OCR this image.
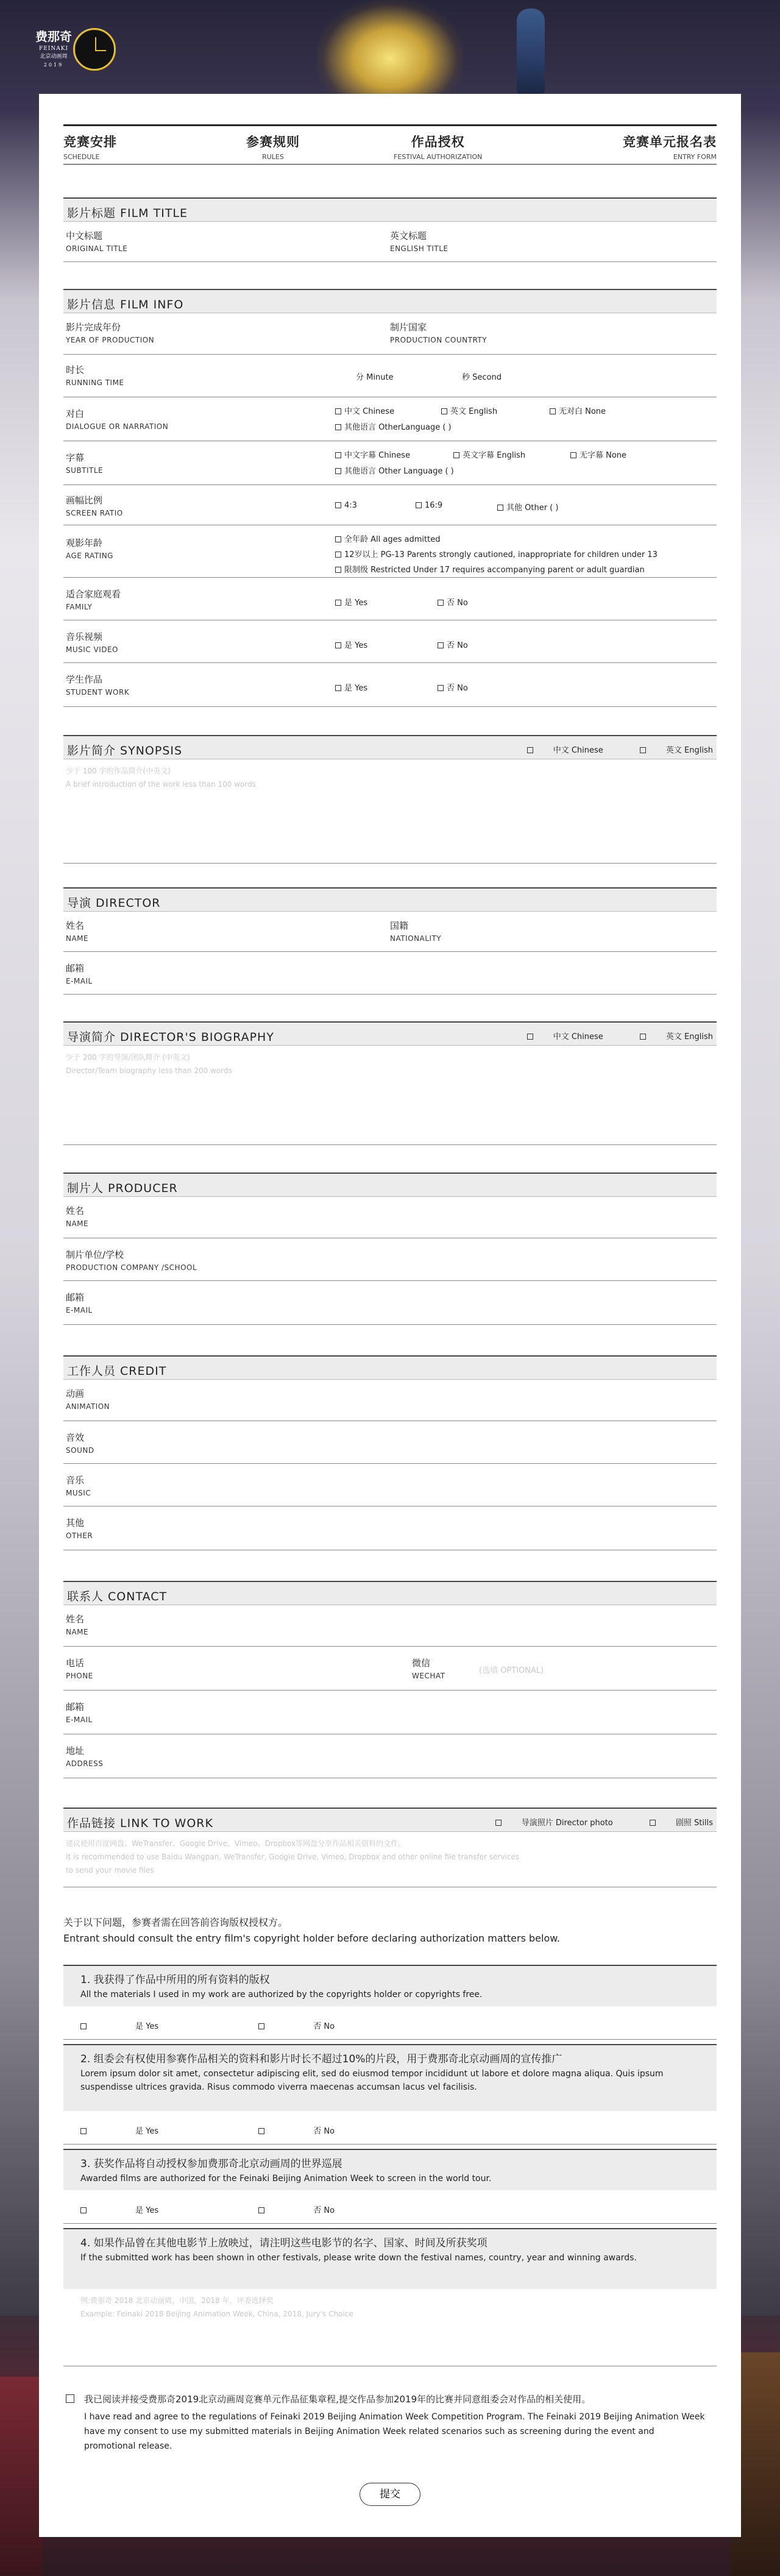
费那奇
FEINAKI
北京动画周
2019
竞赛安排
SCHEDULE
参赛规则
RULES
作品授权
FESTIVAL AUTHORIZATION
竞赛单元报名表
ENTRY FORM
影片标题 FILM TITLE
中文标题
ORIGINAL TITLE
英文标题
ENGLISH TITLE
影片信息 FILM INFO
影片完成年份
YEAR OF PRODUCTION
制片国家
PRODUCTION COUNTRTY
时长
RUNNING TIME
分 Minute	秒 Second
对白
DIALOGUE OR NARRATION
中文 Chinese	英文 English	无对白 None
其他语言 OtherLanguage ( )
字幕
SUBTITLE
中文字幕 Chinese	英文字幕 English	无字幕 None
其他语言 Other Language ( )
画幅比例
SCREEN RATIO
4:3	16:9	其他 Other ( )
观影年龄
AGE RATING
全年龄 All ages admitted
12岁以上 PG-13 Parents strongly cautioned, inappropriate for children under 13
限制级 Restricted Under 17 requires accompanying parent or adult guardian
适合家庭观看
FAMILY	是 Yes	否 No
音乐视频
MUSIC VIDEO	是 Yes	否 No
学生作品
STUDENT WORK	是 Yes	否 No
影片简介 SYNOPSIS	中文 Chinese	英文 English
少于 100 字的作品简介(中英文)
A brief introduction of the work less than 100 words
导演 DIRECTOR
姓名
NAME
国籍
NATIONALITY
邮箱
E-MAIL
导演简介 DIRECTOR'S BIOGRAPHY	中文 Chinese	英文 English
少于 200 字的导演/团队简介 (中英文)
Director/Team biography less than 200 words
制片人 PRODUCER
姓名
NAME
制片单位/学校
PRODUCTION COMPANY /SCHOOL
邮箱
E-MAIL
工作人员 CREDIT
动画
ANIMATION
音效
SOUND
音乐
MUSIC
其他
OTHER
联系人 CONTACT
姓名
NAME
电话
PHONE
微信
WECHAT
(选填 OPTIONAL)
邮箱
E-MAIL
地址
ADDRESS
作品链接 LINK TO WORK	导演照片 Director photo	剧照 Stills
建议使用百度网盘、WeTransfer、Google Drive、Vimeo、Dropbox等网盘分享作品相关资料的文件。
It is recommended to use Baidu Wangpan, WeTransfer, Google Drive, Vimeo, Dropbox and other online file transfer services
to send your movie files
关于以下问题，参赛者需在回答前咨询版权授权方。
Entrant should consult the entry film's copyright holder before declaring authorization matters below.
1. 我获得了作品中所用的所有资料的版权
All the materials I used in my work are authorized by the copyrights holder or copyrights free.
是 Yes	否 No
2. 组委会有权使用参赛作品相关的资料和影片时长不超过10%的片段，用于费那奇北京动画周的宣传推广
Lorem ipsum dolor sit amet, consectetur adipiscing elit, sed do eiusmod tempor incididunt ut labore et dolore magna aliqua. Quis ipsum suspendisse ultrices gravida. Risus commodo viverra maecenas accumsan lacus vel facilisis.
是 Yes	否 No
3. 获奖作品将自动授权参加费那奇北京动画周的世界巡展
Awarded films are authorized for the Feinaki Beijing Animation Week to screen in the world tour.
是 Yes	否 No
4. 如果作品曾在其他电影节上放映过，请注明这些电影节的名字、国家、时间及所获奖项
If the submitted work has been shown in other festivals, please write down the festival names, country, year and winning awards.
例:费那奇 2018 北京动画周，中国，2018 年，评委选择奖
Example: Feinaki 2018 Beijing Animation Week, China, 2018, Jury's Choice
我已阅读并接受费那奇2019北京动画周竞赛单元作品征集章程,提交作品参加2019年的比赛并同意组委会对作品的相关使用。
I have read and agree to the regulations of Feinaki 2019 Beijing Animation Week Competition Program. The Feinaki 2019 Beijing Animation Week have my consent to use my submitted materials in Beijing Animation Week related scenarios such as screening during the event and promotional release.
提交
